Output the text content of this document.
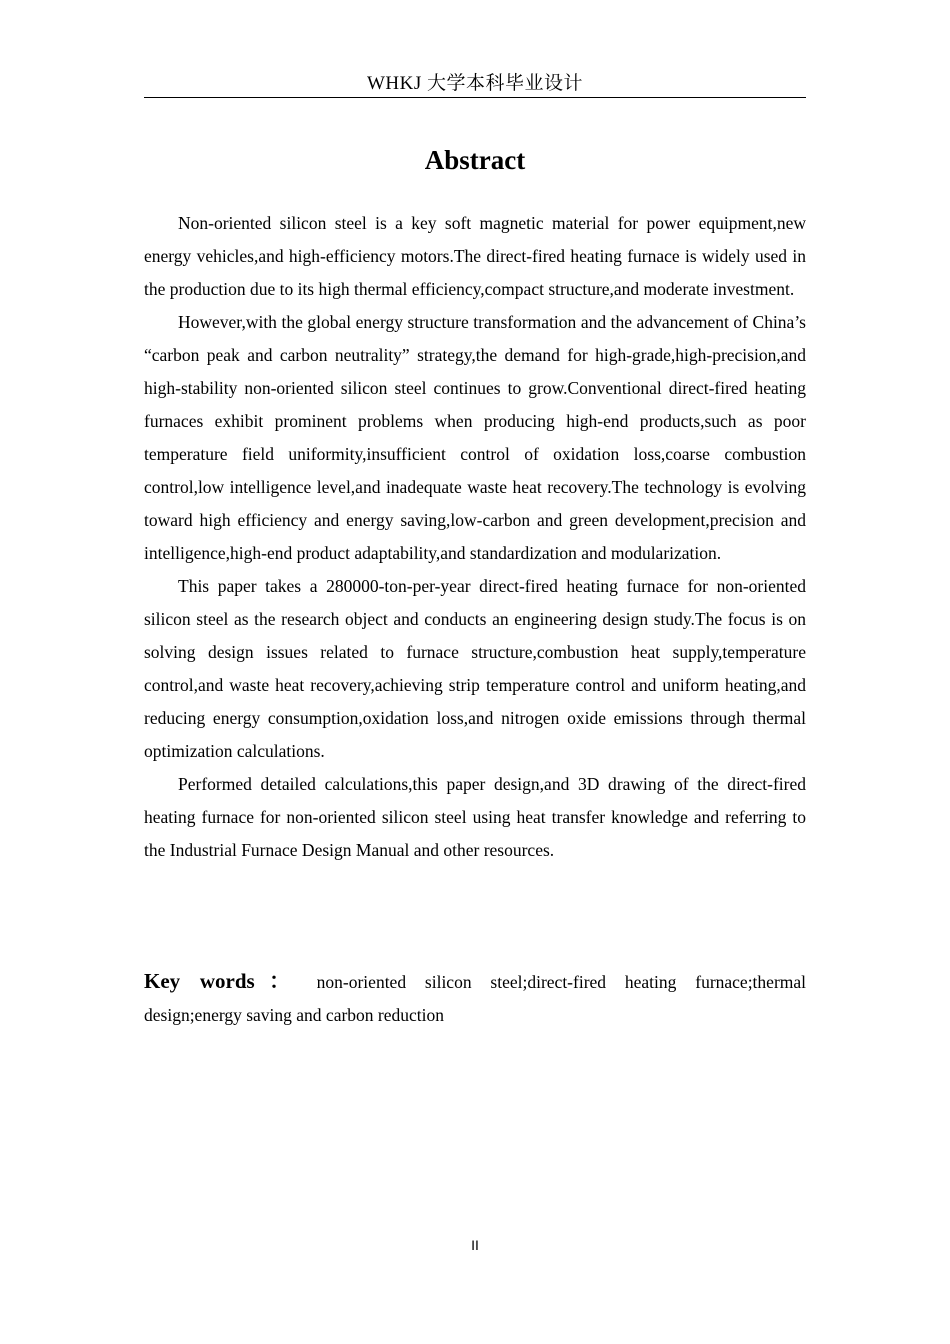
WHKJ 大学本科毕业设计
Abstract

Non-oriented silicon steel is a key soft magnetic material for power equipment,new energy vehicles,and high-efficiency motors.The direct-fired heating furnace is widely used in the production due to its high thermal efficiency,compact structure,and moderate investment.

However,with the global energy structure transformation and the advancement of China’s “carbon peak and carbon neutrality” strategy,the demand for high-grade,high-precision,and high-stability non-oriented silicon steel continues to grow.Conventional direct-fired heating furnaces exhibit prominent problems when producing high-end products,such as poor temperature field uniformity,insufficient control of oxidation loss,coarse combustion control,low intelligence level,and inadequate waste heat recovery.The technology is evolving toward high efficiency and energy saving,low-carbon and green development,precision and intelligence,high-end product adaptability,and standardization and modularization.

This paper takes a 280000-ton-per-year direct-fired heating furnace for non-oriented silicon steel as the research object and conducts an engineering design study.The focus is on solving design issues related to furnace structure,combustion heat supply,temperature control,and waste heat recovery,achieving strip temperature control and uniform heating,and reducing energy consumption,oxidation loss,and nitrogen oxide emissions through thermal optimization calculations.

Performed detailed calculations,this paper design,and 3D drawing of the direct-fired heating furnace for non-oriented silicon steel using heat transfer knowledge and referring to the Industrial Furnace Design Manual and other resources.

Key words： non-oriented silicon steel;direct-fired heating furnace;thermal design;energy saving and carbon reduction
II
